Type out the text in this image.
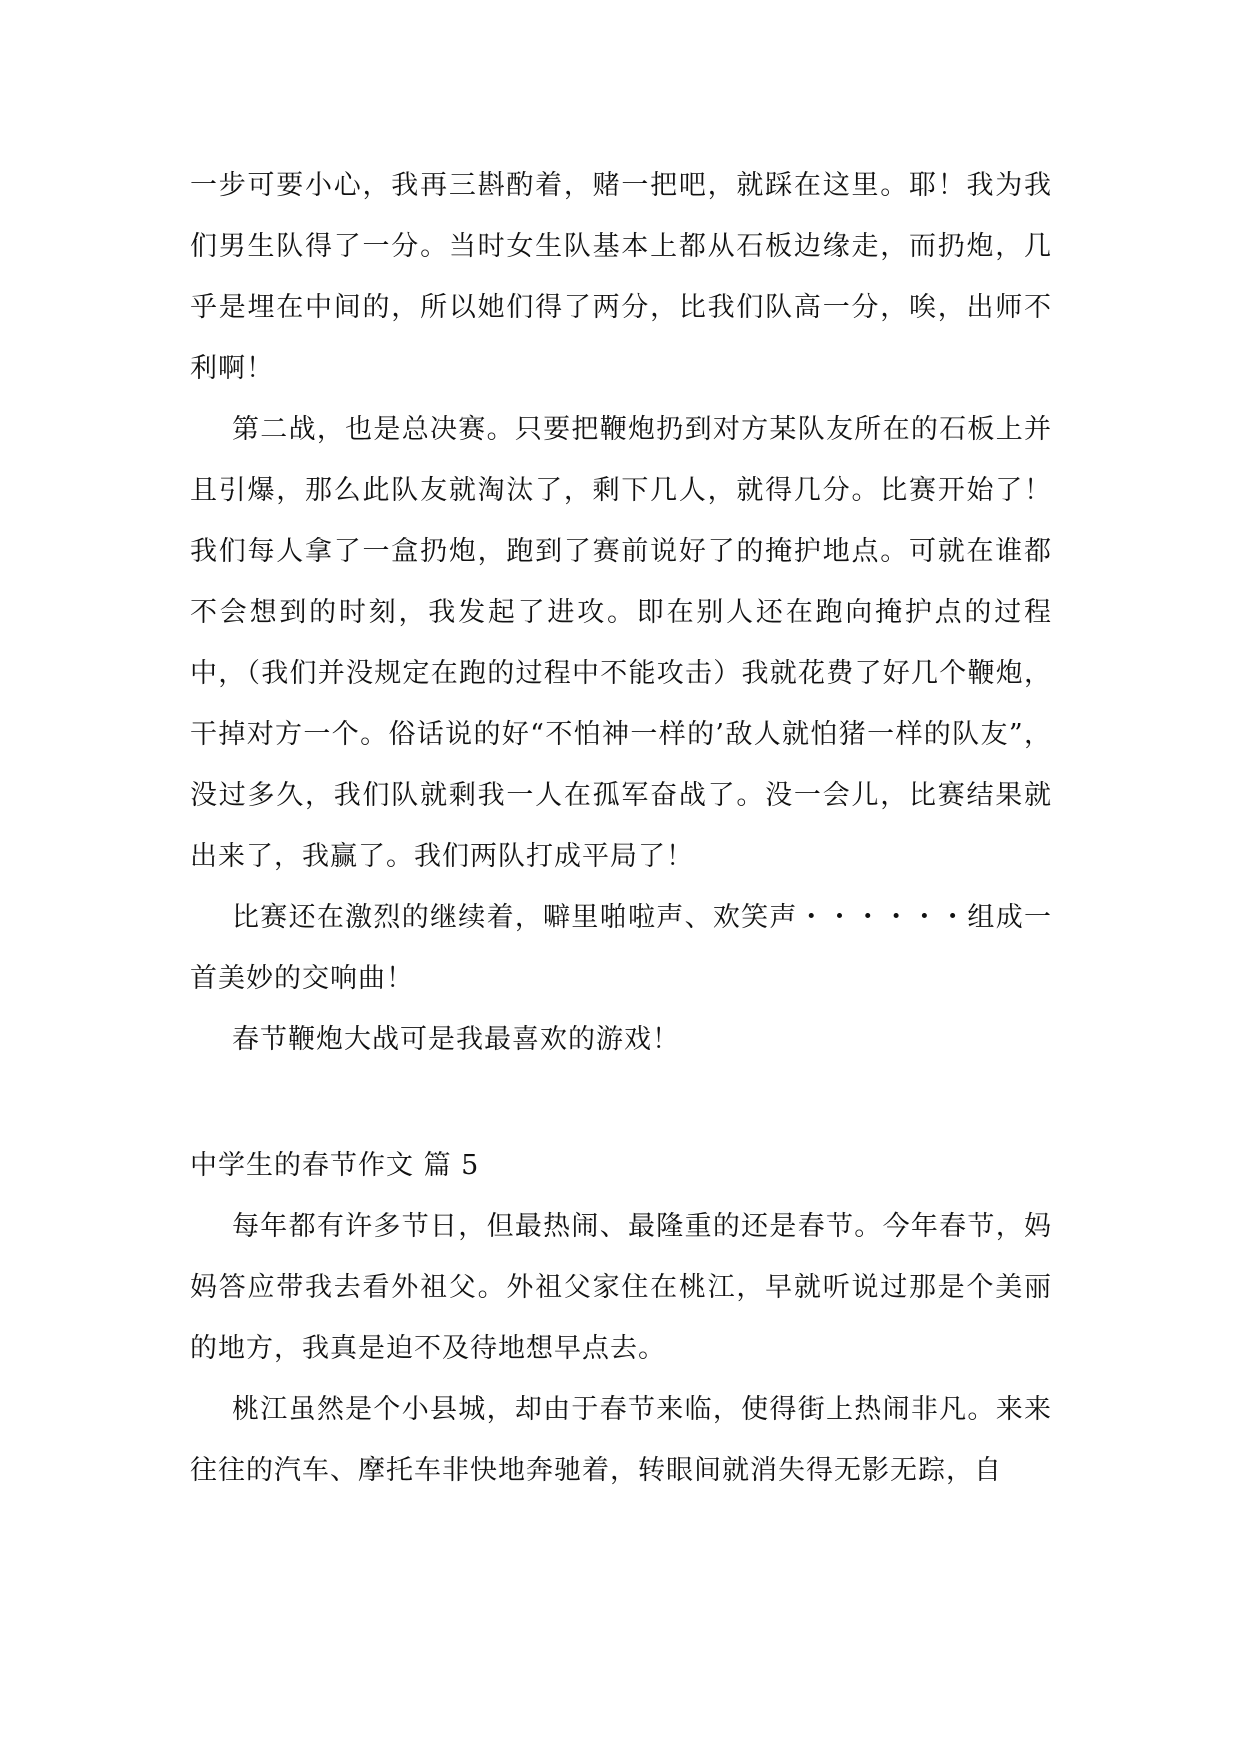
一步可要小心，我再三斟酌着，赌一把吧，就踩在这里。耶！我为我们男生队得了一分。当时女生队基本上都从石板边缘走，而扔炮，几乎是埋在中间的，所以她们得了两分，比我们队高一分，唉，出师不利啊！

第二战，也是总决赛。只要把鞭炮扔到对方某队友所在的石板上并且引爆，那么此队友就淘汰了，剩下几人，就得几分。比赛开始了！我们每人拿了一盒扔炮，跑到了赛前说好了的掩护地点。可就在谁都不会想到的时刻，我发起了进攻。即在别人还在跑向掩护点的过程中，（我们并没规定在跑的过程中不能攻击）我就花费了好几个鞭炮，干掉对方一个。俗话说的好“不怕神一样的’敌人就怕猪一样的队友”，没过多久，我们队就剩我一人在孤军奋战了。没一会儿，比赛结果就出来了，我赢了。我们两队打成平局了！

比赛还在激烈的继续着，噼里啪啦声、欢笑声・・・・・・组成一首美妙的交响曲！

春节鞭炮大战可是我最喜欢的游戏！

中学生的春节作文 篇 5

每年都有许多节日，但最热闹、最隆重的还是春节。今年春节，妈妈答应带我去看外祖父。外祖父家住在桃江，早就听说过那是个美丽的地方，我真是迫不及待地想早点去。

桃江虽然是个小县城，却由于春节来临，使得街上热闹非凡。来来往往的汽车、摩托车非快地奔驰着，转眼间就消失得无影无踪，自
